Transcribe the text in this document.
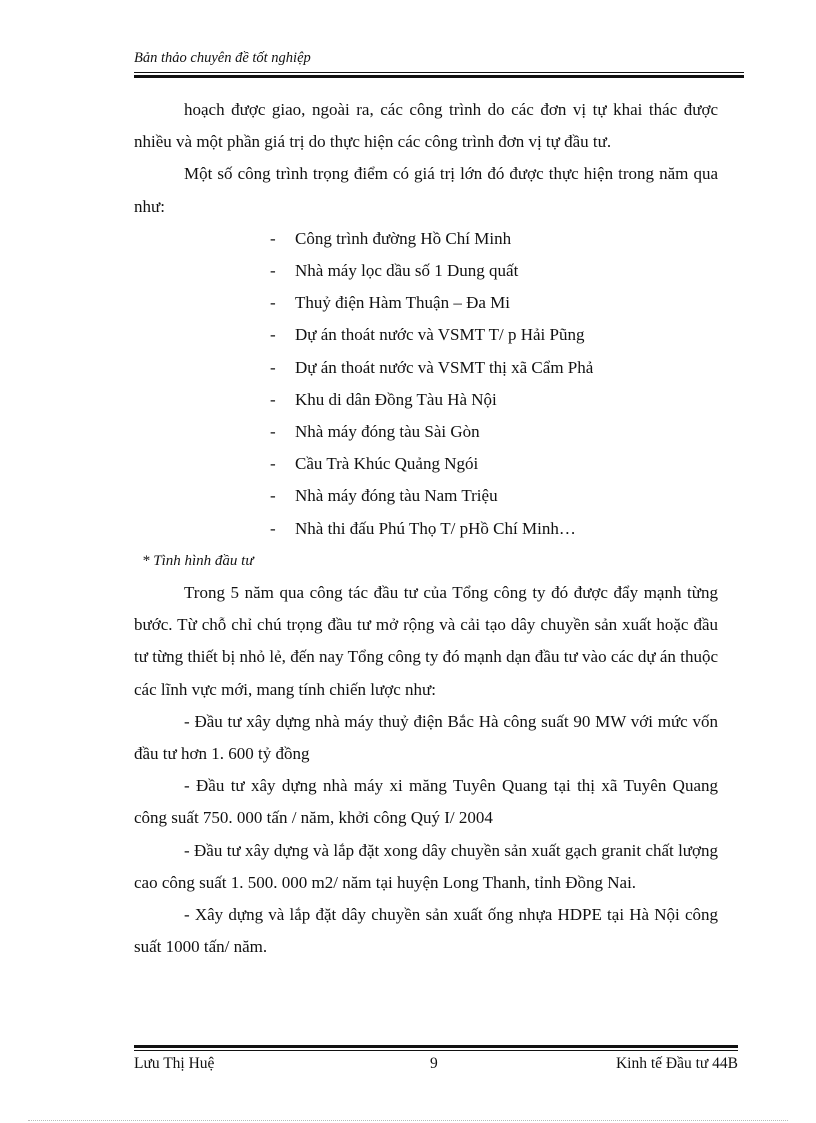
Bản thảo chuyên đề tốt nghiệp

hoạch được giao, ngoài ra, các công trình do các đơn vị tự khai thác được nhiều và một phần giá trị do thực hiện các công trình đơn vị tự đầu tư.

Một số công trình trọng điểm có giá trị lớn đó được thực hiện trong năm qua như:

-	Công trình đường Hồ Chí Minh
-	Nhà máy lọc dầu số 1 Dung quất
-	Thuỷ điện Hàm Thuận – Đa Mi
-	Dự án thoát nước và VSMT T/ p Hải Pũng
-	Dự án thoát nước và VSMT thị xã Cẩm Phả
-	Khu di dân Đồng Tàu Hà Nội
-	Nhà máy đóng tàu Sài Gòn
-	Cầu Trà Khúc Quảng Ngói
-	Nhà máy đóng tàu Nam Triệu
-	Nhà thi đấu Phú Thọ T/ pHồ Chí Minh…

* Tình hình đầu tư

Trong 5 năm qua công tác đầu tư của Tổng công ty đó được đẩy mạnh từng bước. Từ chỗ chỉ chú trọng đầu tư mở rộng và cải tạo dây chuyền sản xuất hoặc đầu tư từng thiết bị nhỏ lẻ, đến nay Tổng công ty đó mạnh dạn đầu tư vào các dự án thuộc các lĩnh vực mới, mang tính chiến lược như:

- Đầu tư xây dựng nhà máy thuỷ điện Bắc Hà công suất 90 MW với mức vốn đầu tư hơn 1. 600 tỷ đồng

- Đầu tư xây dựng nhà máy xi măng Tuyên Quang tại thị xã Tuyên Quang công suất 750. 000 tấn / năm, khởi công Quý I/ 2004

- Đầu tư xây dựng và lắp đặt xong dây chuyền sản xuất gạch granit chất lượng cao công suất 1. 500. 000 m2/ năm tại huyện Long Thanh, tỉnh Đồng Nai.

- Xây dựng và lắp đặt dây chuyền sản xuất ống nhựa HDPE tại Hà Nội công suất 1000 tấn/ năm.

Lưu Thị Huệ	9	Kinh tế Đầu tư 44B
